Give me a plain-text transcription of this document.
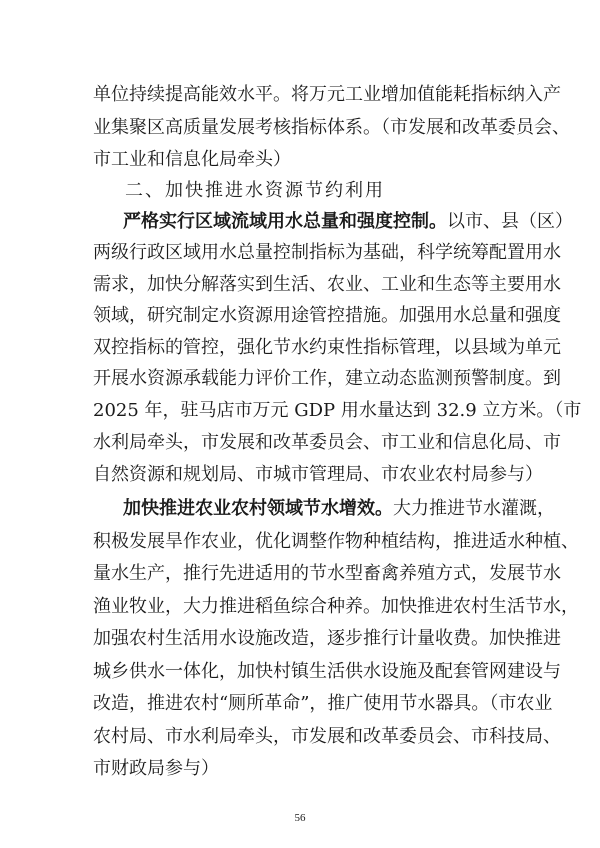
单位持续提高能效水平。将万元工业增加值能耗指标纳入产
业集聚区高质量发展考核指标体系。（市发展和改革委员会、
市工业和信息化局牵头）
二、加快推进水资源节约利用
严格实行区域流域用水总量和强度控制。以市、县（区）
两级行政区域用水总量控制指标为基础，科学统筹配置用水
需求，加快分解落实到生活、农业、工业和生态等主要用水
领域，研究制定水资源用途管控措施。加强用水总量和强度
双控指标的管控，强化节水约束性指标管理，以县域为单元
开展水资源承载能力评价工作，建立动态监测预警制度。到
2025 年，驻马店市万元 GDP 用水量达到 32.9 立方米。（市
水利局牵头，市发展和改革委员会、市工业和信息化局、市
自然资源和规划局、市城市管理局、市农业农村局参与）
加快推进农业农村领域节水增效。大力推进节水灌溉，
积极发展旱作农业，优化调整作物种植结构，推进适水种植、
量水生产，推行先进适用的节水型畜禽养殖方式，发展节水
渔业牧业，大力推进稻鱼综合种养。加快推进农村生活节水，
加强农村生活用水设施改造，逐步推行计量收费。加快推进
城乡供水一体化，加快村镇生活供水设施及配套管网建设与
改造，推进农村“厕所革命”，推广使用节水器具。（市农业
农村局、市水利局牵头，市发展和改革委员会、市科技局、
市财政局参与）
56
